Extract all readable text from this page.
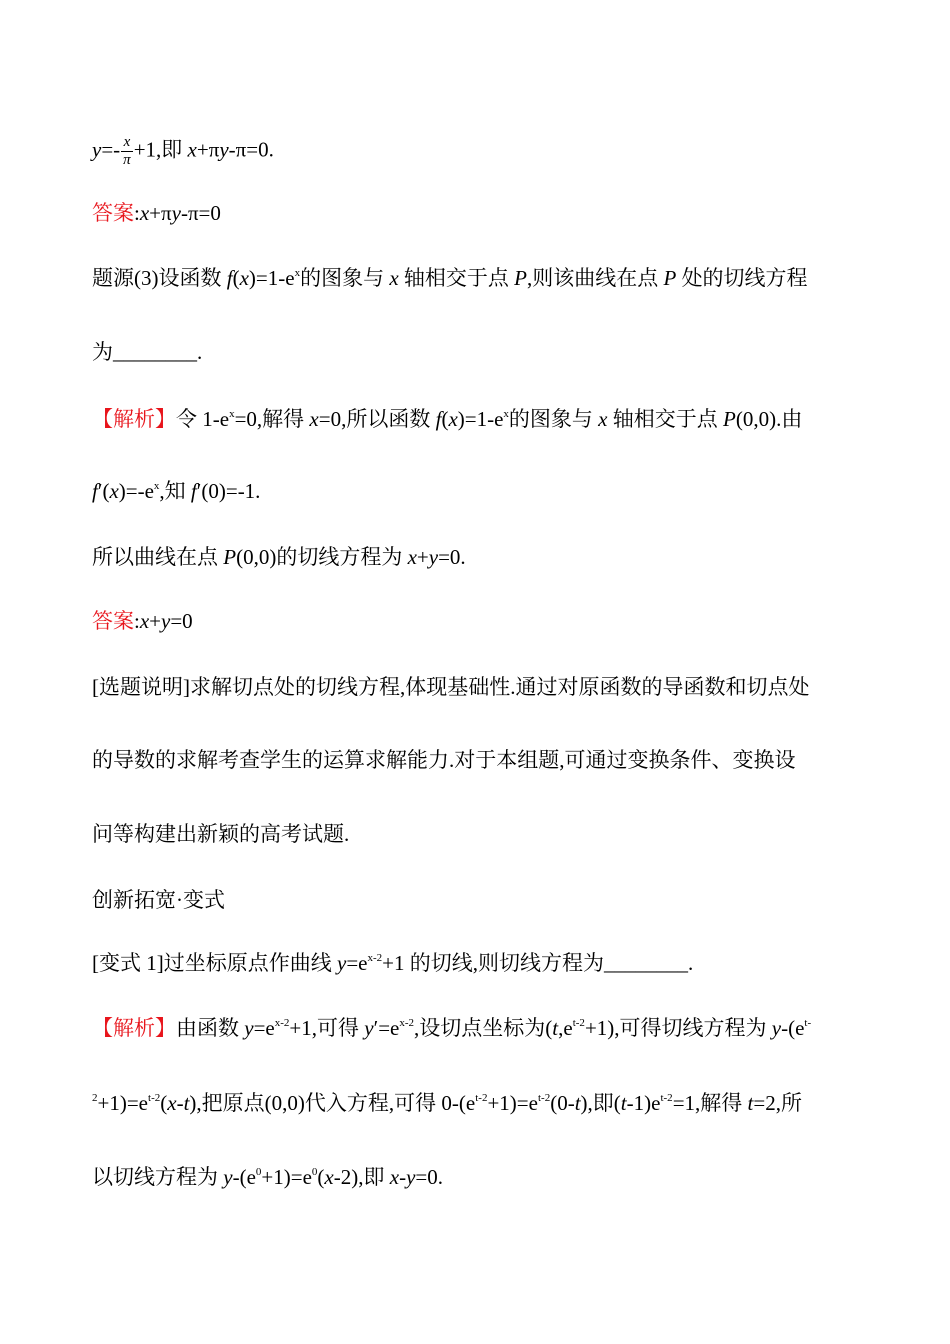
$y=- \frac{x}{\pi} +1$,即 x+πy-π=0.
答案:x+πy-π=0
题源(3)设函数 $f(x)=1-e^x$的图象与 x 轴相交于点 P,则该曲线在点 P 处的切线方程
为________.
【解析】令 $1-e^x=0$,解得 x=0,所以函数 $f(x)=1-e^x$的图象与 x 轴相交于点 P(0,0).由
$f'(x)=-e^x$,知 f′(0)=-1.
所以曲线在点 P(0,0)的切线方程为 x+y=0.
答案:x+y=0
[选题说明]求解切点处的切线方程,体现基础性.通过对原函数的导函数和切点处
的导数的求解考查学生的运算求解能力.对于本组题,可通过变换条件、变换设
问等构建出新颖的高考试题.
创新拓宽·变式
[变式 1]过坐标原点作曲线 $y=e^{x-2}+1$ 的切线,则切线方程为________.
【解析】由函数 $y=e^{x-2}+1$,可得 $y'=e^{x-2}$,设切点坐标为$(t,e^{t-2}+1)$,可得切线方程为 $y-(e^{t-}$
$^2+1)=e^{t-2}(x-t)$,把原点(0,0)代入方程,可得 $0-(e^{t-2}+1)=e^{t-2}(0-t)$,即$(t-1)e^{t-2}=1$,解得 t=2,所
以切线方程为 $y-(e^0+1)=e^0(x-2)$,即 x-y=0.
